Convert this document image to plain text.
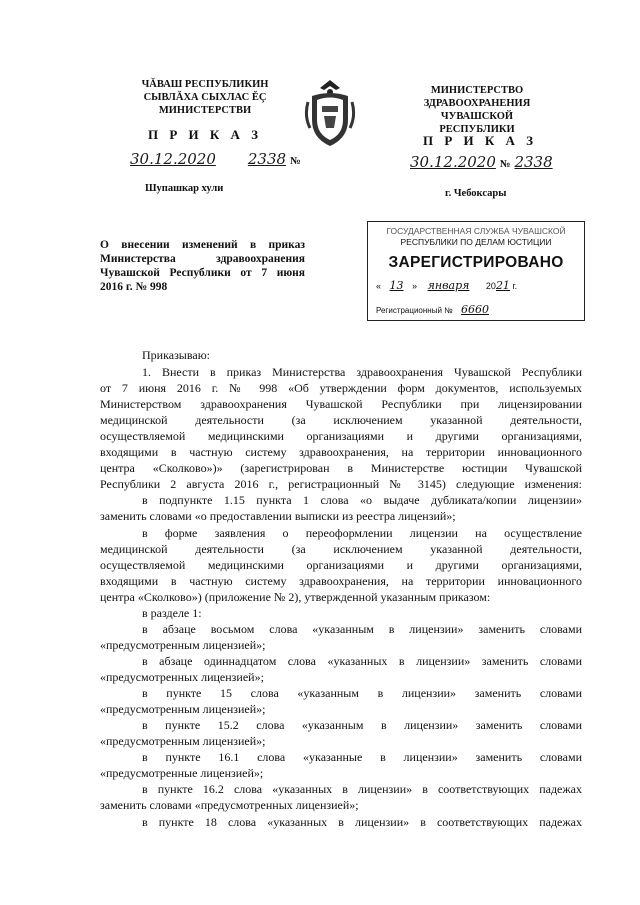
ЧĂВАШ РЕСПУБЛИКИН
СЫВЛĂХА СЫХЛАС ĔÇ
МИНИСТЕРСТВИ
МИНИСТЕРСТВО
ЗДРАВООХРАНЕНИЯ
ЧУВАШСКОЙ РЕСПУБЛИКИ
П Р И К А З	П Р И К А З
30.12.2020 2338 №	30.12.2020 № 2338
Шупашкар хули	г. Чебоксары
О внесении изменений в приказ
Министерства здравоохранения
Чувашской Республики от 7 июня
2016 г. № 998
ГОСУДАРСТВЕННАЯ СЛУЖБА ЧУВАШСКОЙ
РЕСПУБЛИКИ ПО ДЕЛАМ ЮСТИЦИИ
ЗАРЕГИСТРИРОВАНО
« 13 » января 2021 г.
Регистрационный № 6660
Приказываю:
1. Внести в приказ Министерства здравоохранения Чувашской Республики
от 7 июня 2016 г. № 998 «Об утверждении форм документов, используемых
Министерством здравоохранения Чувашской Республики при лицензировании
медицинской деятельности (за исключением указанной деятельности,
осуществляемой медицинскими организациями и другими организациями,
входящими в частную систему здравоохранения, на территории инновационного
центра «Сколково»)» (зарегистрирован в Министерстве юстиции Чувашской
Республики 2 августа 2016 г., регистрационный № 3145) следующие изменения:
в подпункте 1.15 пункта 1 слова «о выдаче дубликата/копии лицензии»
заменить словами «о предоставлении выписки из реестра лицензий»;
в форме заявления о переоформлении лицензии на осуществление
медицинской деятельности (за исключением указанной деятельности,
осуществляемой медицинскими организациями и другими организациями,
входящими в частную систему здравоохранения, на территории инновационного
центра «Сколково») (приложение № 2), утвержденной указанным приказом:
в разделе 1:
в абзаце восьмом слова «указанным в лицензии» заменить словами
«предусмотренным лицензией»;
в абзаце одиннадцатом слова «указанных в лицензии» заменить словами
«предусмотренных лицензией»;
в пункте 15 слова «указанным в лицензии» заменить словами
«предусмотренным лицензией»;
в пункте 15.2 слова «указанным в лицензии» заменить словами
«предусмотренным лицензией»;
в пункте 16.1 слова «указанные в лицензии» заменить словами
«предусмотренные лицензией»;
в пункте 16.2 слова «указанных в лицензии» в соответствующих падежах
заменить словами «предусмотренных лицензией»;
в пункте 18 слова «указанных в лицензии» в соответствующих падежах
